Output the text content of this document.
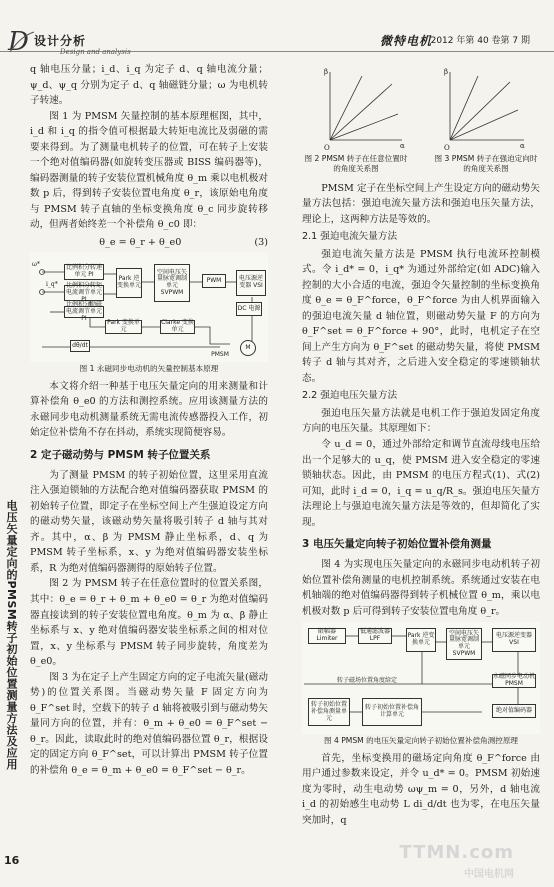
设计分析
Design and analysis
微特电机
2012 年第 40 卷第 7 期
D
电压矢量定向的PMSM转子初始位置测量方法及应用
16

q 轴电压分量；i_d、i_q 为定子 d、q 轴电流分量；ψ_d、ψ_q 分别为定子 d、q 轴磁链分量；ω 为电机转子转速。

图 1 为 PMSM 矢量控制的基本原理框图，其中，i_d 和 i_q 的指令值可根据最大转矩电流比及弱磁的需要来得到。为了测量电机转子的位置，可在转子上安装一个绝对值编码器(如旋转变压器或 BISS 编码器等)，编码器测量的转子安装位置机械角度 θ_m 乘以电机极对数 p 后，得到转子安装位置电角度 θ_r，该原始电角度与 PMSM 转子直轴的坐标变换角度 θ_c 同步旋转移动，但两者始终差一个补偿角 θ_c0 即：

θ_e = θ_r + θ_e0	(3)
比例积分转速单元 PI
比例积分转矩电流调节单元 PI
Park 逆变换单元
空间电压矢量脉宽调制单元 SVPWM
PWM	电压源逆变器 VSI
DC 电源
Park 变换单元
Clarke 变换单元
比例积分励磁电流调节单元 PI
dθ/dt
PMSM
M
ω*
i_q*
图 1 永磁同步电动机的矢量控制基本原理

本文将介绍一种基于电压矢量定向的用来测量和计算补偿角 θ_e0 的方法和测控系统。应用该测量方法的永磁同步电动机测量系统无需电流传感器投入工作，初始定位补偿角不存在抖动，系统实现简便容易。

2 定子磁动势与 PMSM 转子位置关系

为了测量 PMSM 的转子初始位置，这里采用直流注入强迫锁轴的方法配合绝对值编码器获取 PMSM 的初始转子位置，即定子在坐标空间上产生强迫设定方向的磁动势矢量，该磁动势矢量将吸引转子 d 轴与其对齐。其中，α、β 为 PMSM 静止坐标系，d、q 为 PMSM 转子坐标系，x、y 为绝对值编码器安装坐标系，R 为绝对值编码器测得的原始转子位置。

图 2 为 PMSM 转子在任意位置时的位置关系图，其中：θ_e = θ_r + θ_m + θ_e0 = θ_r 为绝对值编码器直接读到的转子安装位置电角度。θ_m 为 α、β 静止坐标系与 x、y 绝对值编码器安装坐标系之间的相对位置，x、y 坐标系与 PMSM 转子同步旋转，角度差为 θ_e0。

图 3 为在定子上产生固定方向的定子电流矢量(磁动势)的位置关系图。当磁动势矢量 F 固定方向为 θ_F^set 时，空载下的转子 d 轴将被吸引到与磁动势矢量同方向的位置，并有：θ_m + θ_e0 = θ_F^set − θ_r。因此，读取此时的绝对值编码器位置 θ_r，根据设定的固定方向 θ_F^set，可以计算出 PMSM 转子位置的补偿角 θ_e = θ_m + θ_e0 = θ_F^set − θ_r。

O	α
β
O	α
β
图 2 PMSM 转子在任意位置时的角度关系图
图 3 PMSM 转子在强迫定向时的角度关系图

PMSM 定子在坐标空间上产生设定方向的磁动势矢量方法包括：强迫电流矢量方法和强迫电压矢量方法，理论上，这两种方法是等效的。

2.1 强迫电流矢量方法

强迫电流矢量方法是 PMSM 执行电流环控制模式。令 i_d* = 0，i_q* 为通过外部给定(如 ADC)输入控制的大小合适的电流，强迫令矢量控制的坐标变换角度 θ_e = θ_F^force，θ_F^force 为由人机界面输入的强迫电流矢量 d 轴位置，则磁动势矢量 F 的方向为 θ_F^set = θ_F^force + 90°，此时，电机定子在空间上产生方向为 θ_F^set 的磁动势矢量，将使 PMSM 转子 d 轴与其对齐，之后进入安全稳定的零速锁轴状态。

2.2 强迫电压矢量方法

强迫电压矢量方法就是电机工作于强迫发固定角度方向的电压矢量。其原理如下：

令 u_d = 0，通过外部给定和调节直流母线电压给出一个足够大的 u_q，使 PMSM 进入安全稳定的零速锁轴状态。因此，由 PMSM 的电压方程式(1)、式(2)可知，此时 i_d = 0，i_q = u_q/R_s。强迫电压矢量方法理论上与强迫电流矢量方法是等效的，但却简化了实现。

3 电压矢量定向转子初始位置补偿角测量

图 4 为实现电压矢量定向的永磁同步电动机转子初始位置补偿角测量的电机控制系统。系统通过安装在电机轴端的绝对值编码器得到转子机械位置 θ_m，乘以电机极对数 p 后可得到转子安装位置电角度 θ_r。

限幅器 Limiter
低通滤波器 LPF	Park 逆变换单元
空间电压矢量脉宽调制单元 SVPWM
电压源逆变器 VSI
转子初始位置补偿角计算单元
转子初始位置补偿角测量单元
永磁同步电动机 PMSM
绝对值编码器
转子磁场位置角度给定
图 4 PMSM 的电压矢量定向转子初始位置补偿角测控原理

首先，坐标变换用的磁场定向角度 θ_F^force 由用户通过参数来设定，并令 u_d* = 0。PMSM 初始速度为零时，动生电动势 ωψ_m = 0，另外，d 轴电流 i_d 的初始感生电动势 L di_d/dt 也为零，在电压矢量突加时，q

TTMN.com
中国电机网
